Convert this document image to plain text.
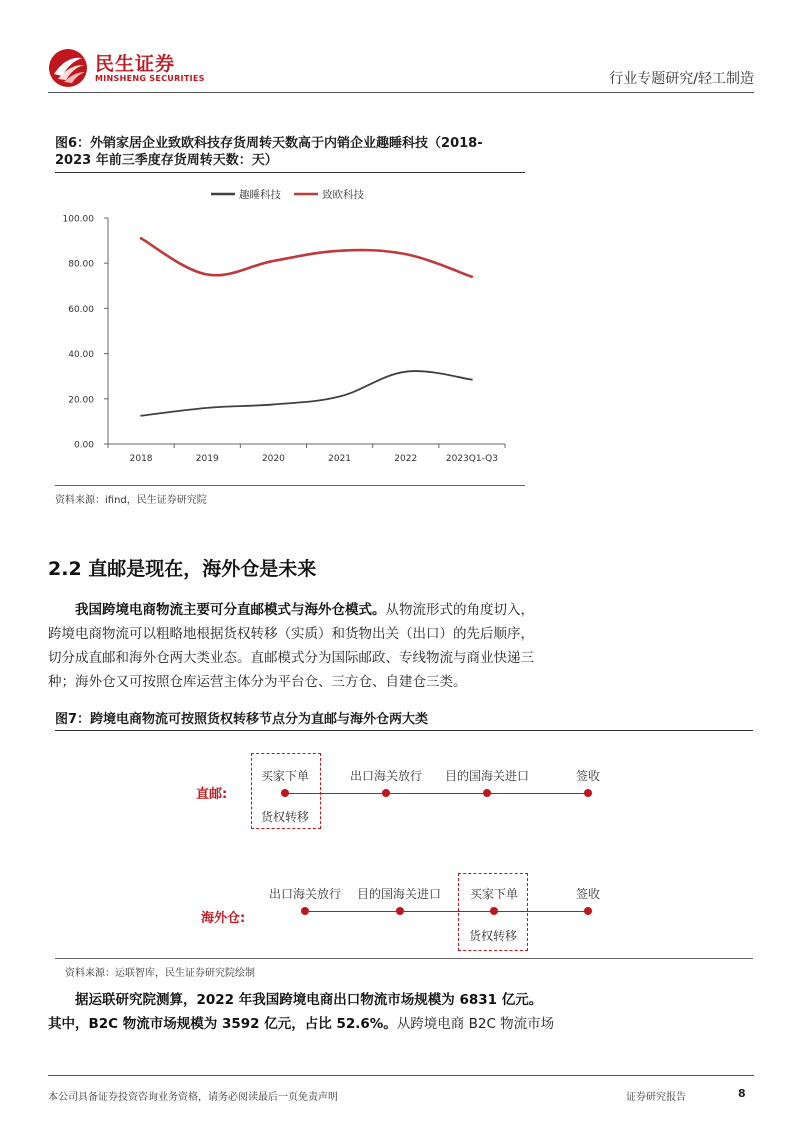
民生证券
MINSHENG SECURITIES	行业专题研究/轻工制造
图6：外销家居企业致欧科技存货周转天数高于内销企业趣睡科技（2018-
2023 年前三季度存货周转天数：天）
0.00
20.00
40.00
60.00
80.00
100.00
2018	2019	2020	2021	2022	2023Q1-Q3
趣睡科技	致欧科技
资料来源：ifind，民生证券研究院
2.2 直邮是现在，海外仓是未来
我国跨境电商物流主要可分直邮模式与海外仓模式。从物流形式的角度切入，
跨境电商物流可以粗略地根据货权转移（实质）和货物出关（出口）的先后顺序，
切分成直邮和海外仓两大类业态。直邮模式分为国际邮政、专线物流与商业快递三
种；海外仓又可按照仓库运营主体分为平台仓、三方仓、自建仓三类。
图7：跨境电商物流可按照货权转移节点分为直邮与海外仓两大类
直邮:
买家下单	出口海关放行 目的国海关进口	签收
货权转移
海外仓:
出口海关放行 目的国海关进口 买家下单	签收
货权转移
资料来源：运联智库，民生证券研究院绘制
据运联研究院测算，2022 年我国跨境电商出口物流市场规模为 6831 亿元。
其中，B2C 物流市场规模为 3592 亿元，占比 52.6%。从跨境电商 B2C 物流市场
本公司具备证券投资咨询业务资格，请务必阅读最后一页免责声明	证券研究报告	8
